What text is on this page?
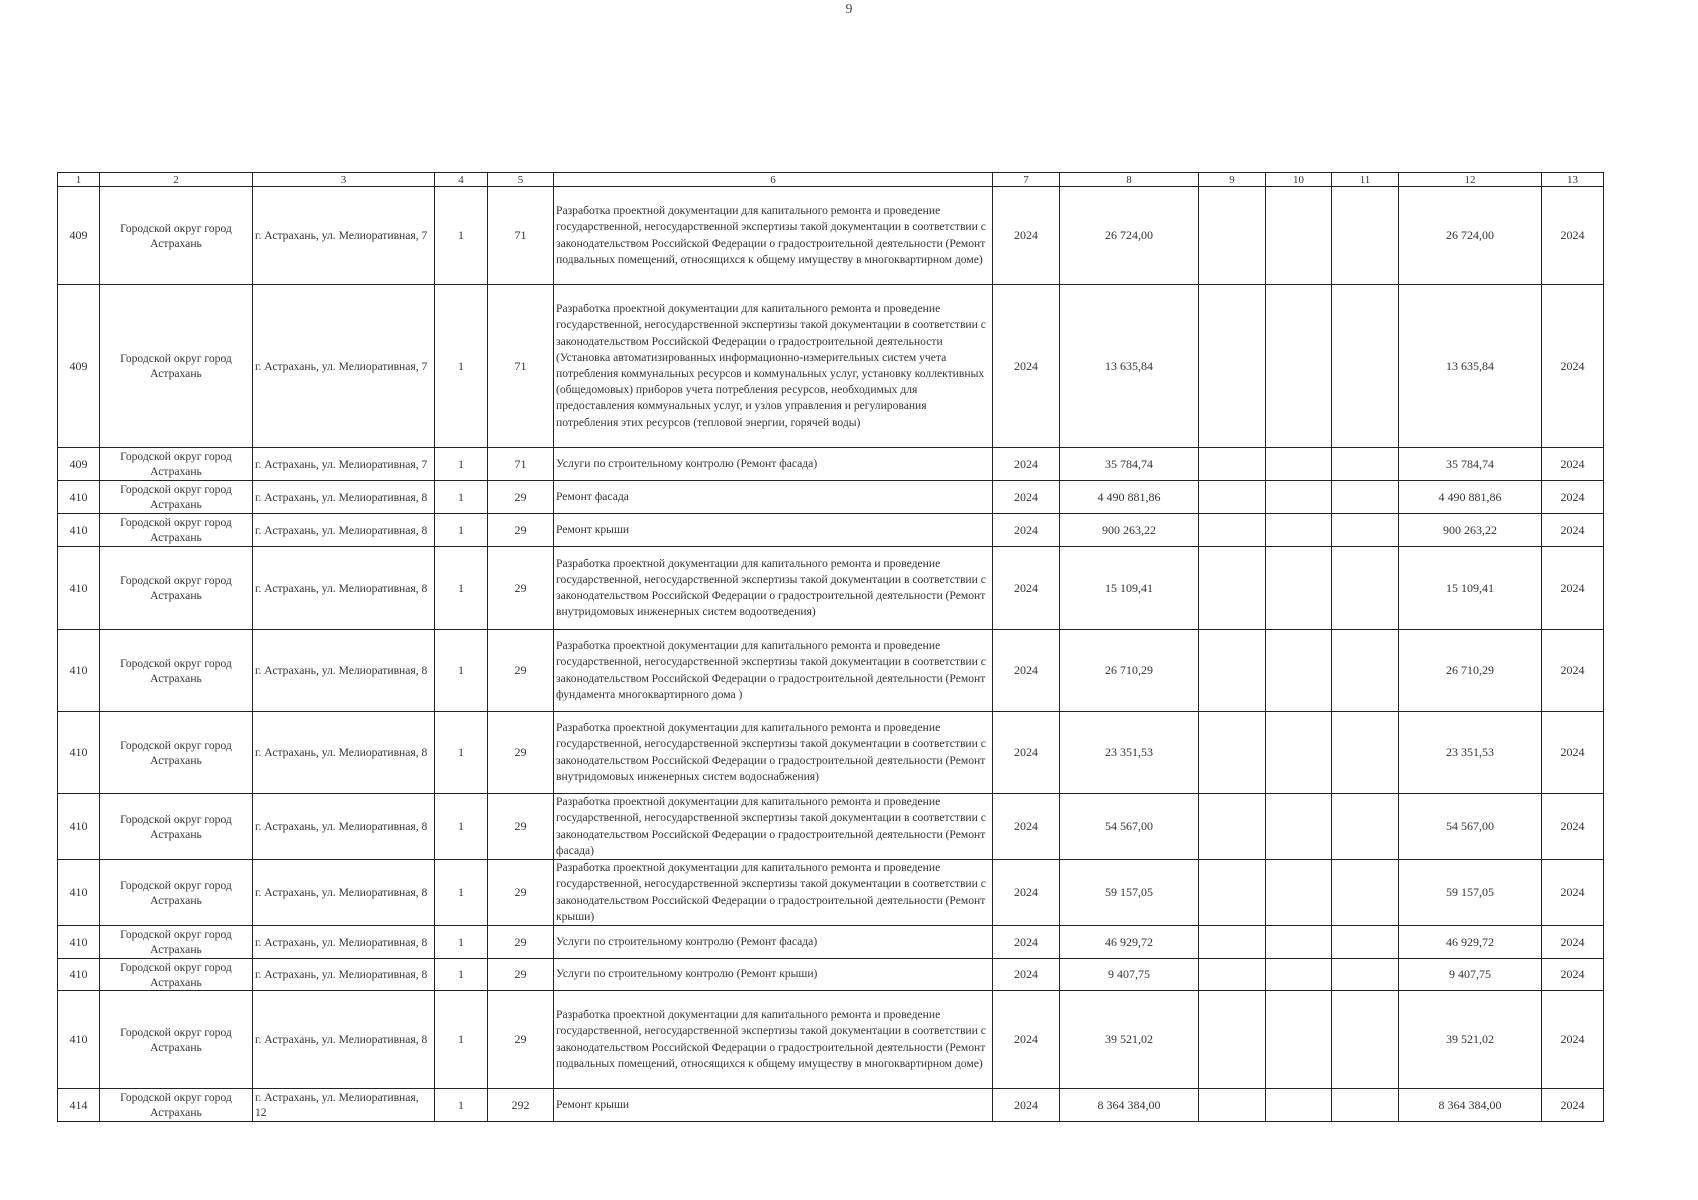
9
1	2	3	4	5	6	7	8	9	10	11	12	13
409	Городской округ город Астрахань	г. Астрахань, ул. Мелиоративная, 7	1	71	Разработка проектной документации для капитального ремонта и проведение государственной, негосударственной экспертизы такой документации в соответствии с законодательством Российской Федерации о градостроительной деятельности (Ремонт подвальных помещений, относящихся к общему имуществу в многоквартирном доме)	2024	26 724,00				26 724,00	2024
409	Городской округ город Астрахань	г. Астрахань, ул. Мелиоративная, 7	1	71	Разработка проектной документации для капитального ремонта и проведение государственной, негосударственной экспертизы такой документации в соответствии с законодательством Российской Федерации о градостроительной деятельности (Установка автоматизированных информационно-измерительных систем учета потребления коммунальных ресурсов и коммунальных услуг, установку коллективных (общедомовых) приборов учета потребления ресурсов, необходимых для предоставления коммунальных услуг, и узлов управления и регулирования потребления этих ресурсов (тепловой энергии, горячей воды)	2024	13 635,84				13 635,84	2024
409	Городской округ город Астрахань	г. Астрахань, ул. Мелиоративная, 7	1	71	Услуги по строительному контролю (Ремонт фасада)	2024	35 784,74				35 784,74	2024
410	Городской округ город Астрахань	г. Астрахань, ул. Мелиоративная, 8	1	29	Ремонт фасада	2024	4 490 881,86				4 490 881,86	2024
410	Городской округ город Астрахань	г. Астрахань, ул. Мелиоративная, 8	1	29	Ремонт крыши	2024	900 263,22				900 263,22	2024
410	Городской округ город Астрахань	г. Астрахань, ул. Мелиоративная, 8	1	29	Разработка проектной документации для капитального ремонта и проведение государственной, негосударственной экспертизы такой документации в соответствии с законодательством Российской Федерации о градостроительной деятельности (Ремонт внутридомовых инженерных систем водоотведения)	2024	15 109,41				15 109,41	2024
410	Городской округ город Астрахань	г. Астрахань, ул. Мелиоративная, 8	1	29	Разработка проектной документации для капитального ремонта и проведение государственной, негосударственной экспертизы такой документации в соответствии с законодательством Российской Федерации о градостроительной деятельности (Ремонт фундамента многоквартирного дома )	2024	26 710,29				26 710,29	2024
410	Городской округ город Астрахань	г. Астрахань, ул. Мелиоративная, 8	1	29	Разработка проектной документации для капитального ремонта и проведение государственной, негосударственной экспертизы такой документации в соответствии с законодательством Российской Федерации о градостроительной деятельности (Ремонт внутридомовых инженерных систем водоснабжения)	2024	23 351,53				23 351,53	2024
410	Городской округ город Астрахань	г. Астрахань, ул. Мелиоративная, 8	1	29	Разработка проектной документации для капитального ремонта и проведение государственной, негосударственной экспертизы такой документации в соответствии с законодательством Российской Федерации о градостроительной деятельности (Ремонт фасада)	2024	54 567,00				54 567,00	2024
410	Городской округ город Астрахань	г. Астрахань, ул. Мелиоративная, 8	1	29	Разработка проектной документации для капитального ремонта и проведение государственной, негосударственной экспертизы такой документации в соответствии с законодательством Российской Федерации о градостроительной деятельности (Ремонт крыши)	2024	59 157,05				59 157,05	2024
410	Городской округ город Астрахань	г. Астрахань, ул. Мелиоративная, 8	1	29	Услуги по строительному контролю (Ремонт фасада)	2024	46 929,72				46 929,72	2024
410	Городской округ город Астрахань	г. Астрахань, ул. Мелиоративная, 8	1	29	Услуги по строительному контролю (Ремонт крыши)	2024	9 407,75				9 407,75	2024
410	Городской округ город Астрахань	г. Астрахань, ул. Мелиоративная, 8	1	29	Разработка проектной документации для капитального ремонта и проведение государственной, негосударственной экспертизы такой документации в соответствии с законодательством Российской Федерации о градостроительной деятельности (Ремонт подвальных помещений, относящихся к общему имуществу в многоквартирном доме)	2024	39 521,02				39 521,02	2024
414	Городской округ город Астрахань	г. Астрахань, ул. Мелиоративная, 12	1	292	Ремонт крыши	2024	8 364 384,00				8 364 384,00	2024
